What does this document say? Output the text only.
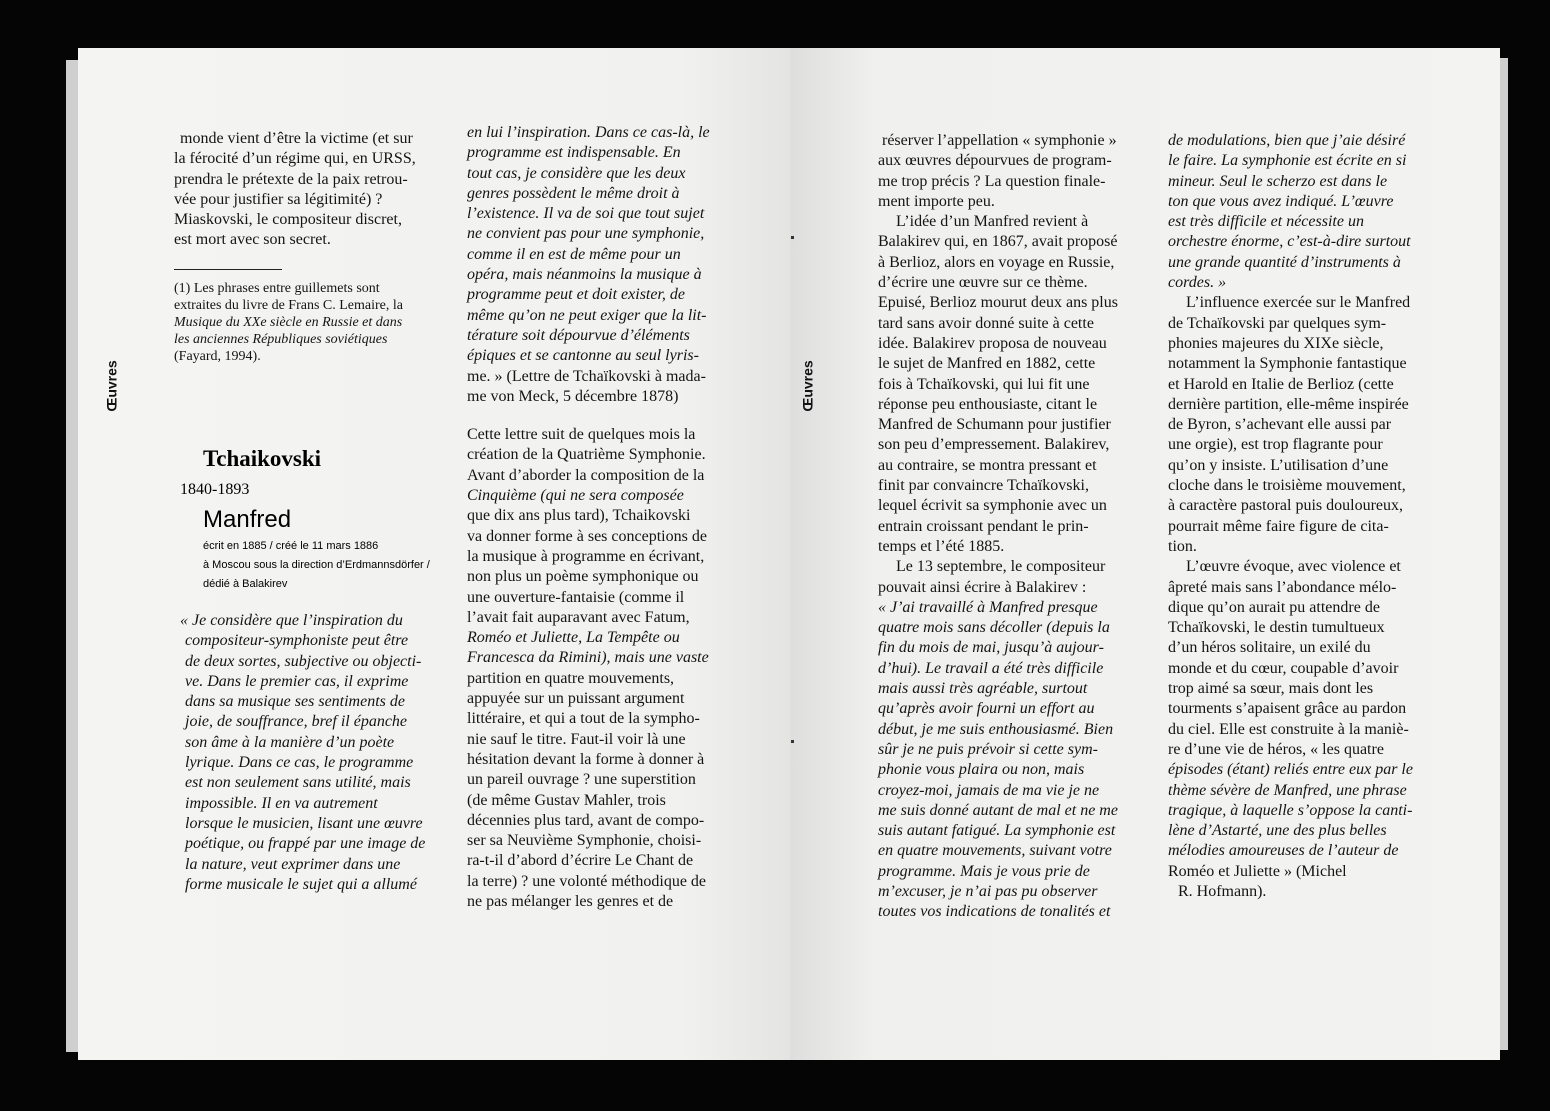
Œuvres

monde vient d’être la victime (et sur

la férocité d’un régime qui, en URSS,

prendra le prétexte de la paix retrou-

vée pour justifier sa légitimité) ?

Miaskovski, le compositeur discret,

est mort avec son secret.

(1) Les phrases entre guillemets sont

extraites du livre de Frans C. Lemaire, la

Musique du XXe siècle en Russie et dans

les anciennes Républiques soviétiques

(Fayard, 1994).

Tchaikovski
1840-1893
Manfred
écrit en 1885 / créé le 11 mars 1886
à Moscou sous la direction d’Erdmannsdörfer /
dédié à Balakirev

« Je considère que l’inspiration du

compositeur-symphoniste peut être

de deux sortes, subjective ou objecti-

ve. Dans le premier cas, il exprime

dans sa musique ses sentiments de

joie, de souffrance, bref il épanche

son âme à la manière d’un poète

lyrique. Dans ce cas, le programme

est non seulement sans utilité, mais

impossible. Il en va autrement

lorsque le musicien, lisant une œuvre

poétique, ou frappé par une image de

la nature, veut exprimer dans une

forme musicale le sujet qui a allumé

en lui l’inspiration. Dans ce cas-là, le

programme est indispensable. En

tout cas, je considère que les deux

genres possèdent le même droit à

l’existence. Il va de soi que tout sujet

ne convient pas pour une symphonie,

comme il en est de même pour un

opéra, mais néanmoins la musique à

programme peut et doit exister, de

même qu’on ne peut exiger que la lit-

térature soit dépourvue d’éléments

épiques et se cantonne au seul lyris-

me. » (Lettre de Tchaïkovski à mada-

me von Meck, 5 décembre 1878)

Cette lettre suit de quelques mois la

création de la Quatrième Symphonie.

Avant d’aborder la composition de la

Cinquième (qui ne sera composée

que dix ans plus tard), Tchaikovski

va donner forme à ses conceptions de

la musique à programme en écrivant,

non plus un poème symphonique ou

une ouverture-fantaisie (comme il

l’avait fait auparavant avec Fatum,

Roméo et Juliette, La Tempête ou

Francesca da Rimini), mais une vaste

partition en quatre mouvements,

appuyée sur un puissant argument

littéraire, et qui a tout de la sympho-

nie sauf le titre. Faut-il voir là une

hésitation devant la forme à donner à

un pareil ouvrage ? une superstition

(de même Gustav Mahler, trois

décennies plus tard, avant de compo-

ser sa Neuvième Symphonie, choisi-

ra-t-il d’abord d’écrire Le Chant de

la terre) ? une volonté méthodique de

ne pas mélanger les genres et de

Œuvres

réserver l’appellation « symphonie »

aux œuvres dépourvues de program-

me trop précis ? La question finale-

ment importe peu.

L’idée d’un Manfred revient à

Balakirev qui, en 1867, avait proposé

à Berlioz, alors en voyage en Russie,

d’écrire une œuvre sur ce thème.

Epuisé, Berlioz mourut deux ans plus

tard sans avoir donné suite à cette

idée. Balakirev proposa de nouveau

le sujet de Manfred en 1882, cette

fois à Tchaïkovski, qui lui fit une

réponse peu enthousiaste, citant le

Manfred de Schumann pour justifier

son peu d’empressement. Balakirev,

au contraire, se montra pressant et

finit par convaincre Tchaïkovski,

lequel écrivit sa symphonie avec un

entrain croissant pendant le prin-

temps et l’été 1885.

Le 13 septembre, le compositeur

pouvait ainsi écrire à Balakirev :

« J’ai travaillé à Manfred presque

quatre mois sans décoller (depuis la

fin du mois de mai, jusqu’à aujour-

d’hui). Le travail a été très difficile

mais aussi très agréable, surtout

qu’après avoir fourni un effort au

début, je me suis enthousiasmé. Bien

sûr je ne puis prévoir si cette sym-

phonie vous plaira ou non, mais

croyez-moi, jamais de ma vie je ne

me suis donné autant de mal et ne me

suis autant fatigué. La symphonie est

en quatre mouvements, suivant votre

programme. Mais je vous prie de

m’excuser, je n’ai pas pu observer

toutes vos indications de tonalités et

de modulations, bien que j’aie désiré

le faire. La symphonie est écrite en si

mineur. Seul le scherzo est dans le

ton que vous avez indiqué. L’œuvre

est très difficile et nécessite un

orchestre énorme, c’est-à-dire surtout

une grande quantité d’instruments à

cordes. »

L’influence exercée sur le Manfred

de Tchaïkovski par quelques sym-

phonies majeures du XIXe siècle,

notamment la Symphonie fantastique

et Harold en Italie de Berlioz (cette

dernière partition, elle-même inspirée

de Byron, s’achevant elle aussi par

une orgie), est trop flagrante pour

qu’on y insiste. L’utilisation d’une

cloche dans le troisième mouvement,

à caractère pastoral puis douloureux,

pourrait même faire figure de cita-

tion.

L’œuvre évoque, avec violence et

âpreté mais sans l’abondance mélo-

dique qu’on aurait pu attendre de

Tchaïkovski, le destin tumultueux

d’un héros solitaire, un exilé du

monde et du cœur, coupable d’avoir

trop aimé sa sœur, mais dont les

tourments s’apaisent grâce au pardon

du ciel. Elle est construite à la maniè-

re d’une vie de héros, « les quatre

épisodes (étant) reliés entre eux par le

thème sévère de Manfred, une phrase

tragique, à laquelle s’oppose la canti-

lène d’Astarté, une des plus belles

mélodies amoureuses de l’auteur de

Roméo et Juliette » (Michel

R. Hofmann).
